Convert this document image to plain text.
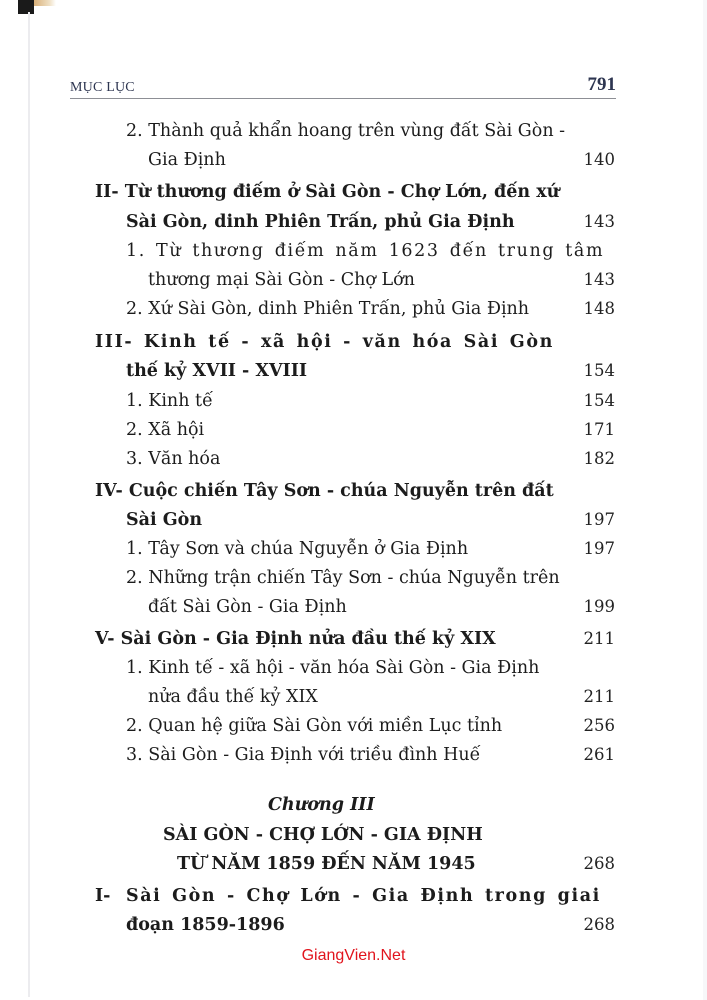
MỤC LỤC	791
2. Thành quả khẩn hoang trên vùng đất Sài Gòn -
Gia Định	140
II- Từ thương điếm ở Sài Gòn - Chợ Lớn, đến xứ
Sài Gòn, dinh Phiên Trấn, phủ Gia Định	143
1. Từ thương điếm năm 1623 đến trung tâm
thương mại Sài Gòn - Chợ Lớn	143
2. Xứ Sài Gòn, dinh Phiên Trấn, phủ Gia Định	148
III- Kinh tế - xã hội - văn hóa Sài Gòn
thế kỷ XVII - XVIII	154
1. Kinh tế	154
2. Xã hội	171
3. Văn hóa	182
IV- Cuộc chiến Tây Sơn - chúa Nguyễn trên đất
Sài Gòn	197
1. Tây Sơn và chúa Nguyễn ở Gia Định	197
2. Những trận chiến Tây Sơn - chúa Nguyễn trên
đất Sài Gòn - Gia Định	199
V- Sài Gòn - Gia Định nửa đầu thế kỷ XIX	211
1. Kinh tế - xã hội - văn hóa Sài Gòn - Gia Định
nửa đầu thế kỷ XIX	211
2. Quan hệ giữa Sài Gòn với miền Lục tỉnh	256
3. Sài Gòn - Gia Định với triều đình Huế	261
Chương III
SÀI GÒN - CHỢ LỚN - GIA ĐỊNH
TỪ NĂM 1859 ĐẾN NĂM 1945	268
I- Sài Gòn - Chợ Lớn - Gia Định trong giai
đoạn 1859-1896	268
GiangVien.Net
